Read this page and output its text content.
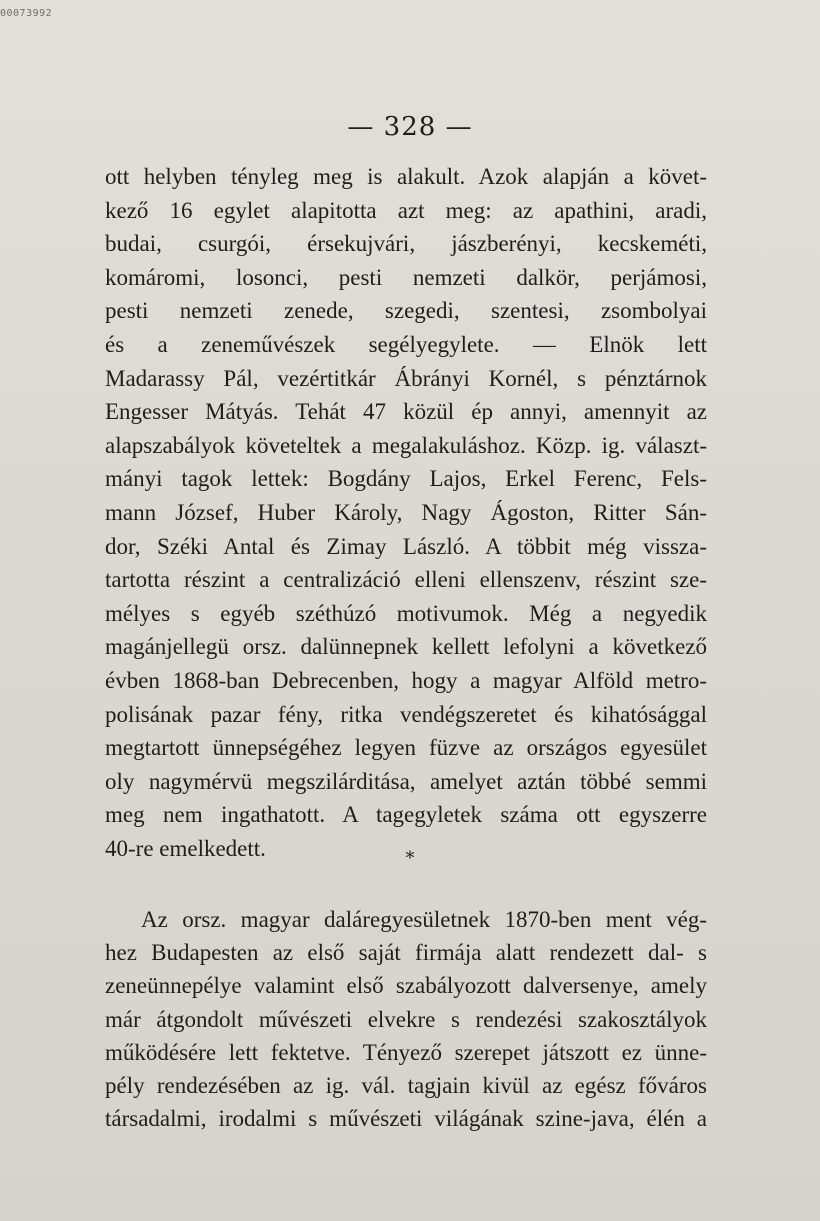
00073992
— 328 —
ott helyben tényleg meg is alakult. Azok alapján a követ-
kező 16 egylet alapitotta azt meg: az apathini, aradi,
budai, csurgói, érsekujvári, jászberényi, kecskeméti,
komáromi, losonci, pesti nemzeti dalkör, perjámosi,
pesti nemzeti zenede, szegedi, szentesi, zsombolyai
és a zeneművészek segélyegylete. — Elnök lett
Madarassy Pál, vezértitkár Ábrányi Kornél, s pénztárnok
Engesser Mátyás. Tehát 47 közül ép annyi, amennyit az
alapszabályok követeltek a megalakuláshoz. Közp. ig. választ-
mányi tagok lettek: Bogdány Lajos, Erkel Ferenc, Fels-
mann József, Huber Károly, Nagy Ágoston, Ritter Sán-
dor, Széki Antal és Zimay László. A többit még vissza-
tartotta részint a centralizáció elleni ellenszenv, részint sze-
mélyes s egyéb széthúzó motivumok. Még a negyedik
magánjellegü orsz. dalünnepnek kellett lefolyni a következő
évben 1868-ban Debrecenben, hogy a magyar Alföld metro-
polisának pazar fény, ritka vendégszeretet és kihatósággal
megtartott ünnepségéhez legyen füzve az országos egyesület
oly nagymérvü megszilárditása, amelyet aztán többé semmi
meg nem ingathatott. A tagegyletek száma ott egyszerre
40-re emelkedett.	*
Az orsz. magyar daláregyesületnek 1870-ben ment vég-
hez Budapesten az első saját firmája alatt rendezett dal- s
zeneünnepélye valamint első szabályozott dalversenye, amely
már átgondolt művészeti elvekre s rendezési szakosztályok
működésére lett fektetve. Tényező szerepet játszott ez ünne-
pély rendezésében az ig. vál. tagjain kivül az egész főváros
társadalmi, irodalmi s művészeti világának szine-java, élén a
